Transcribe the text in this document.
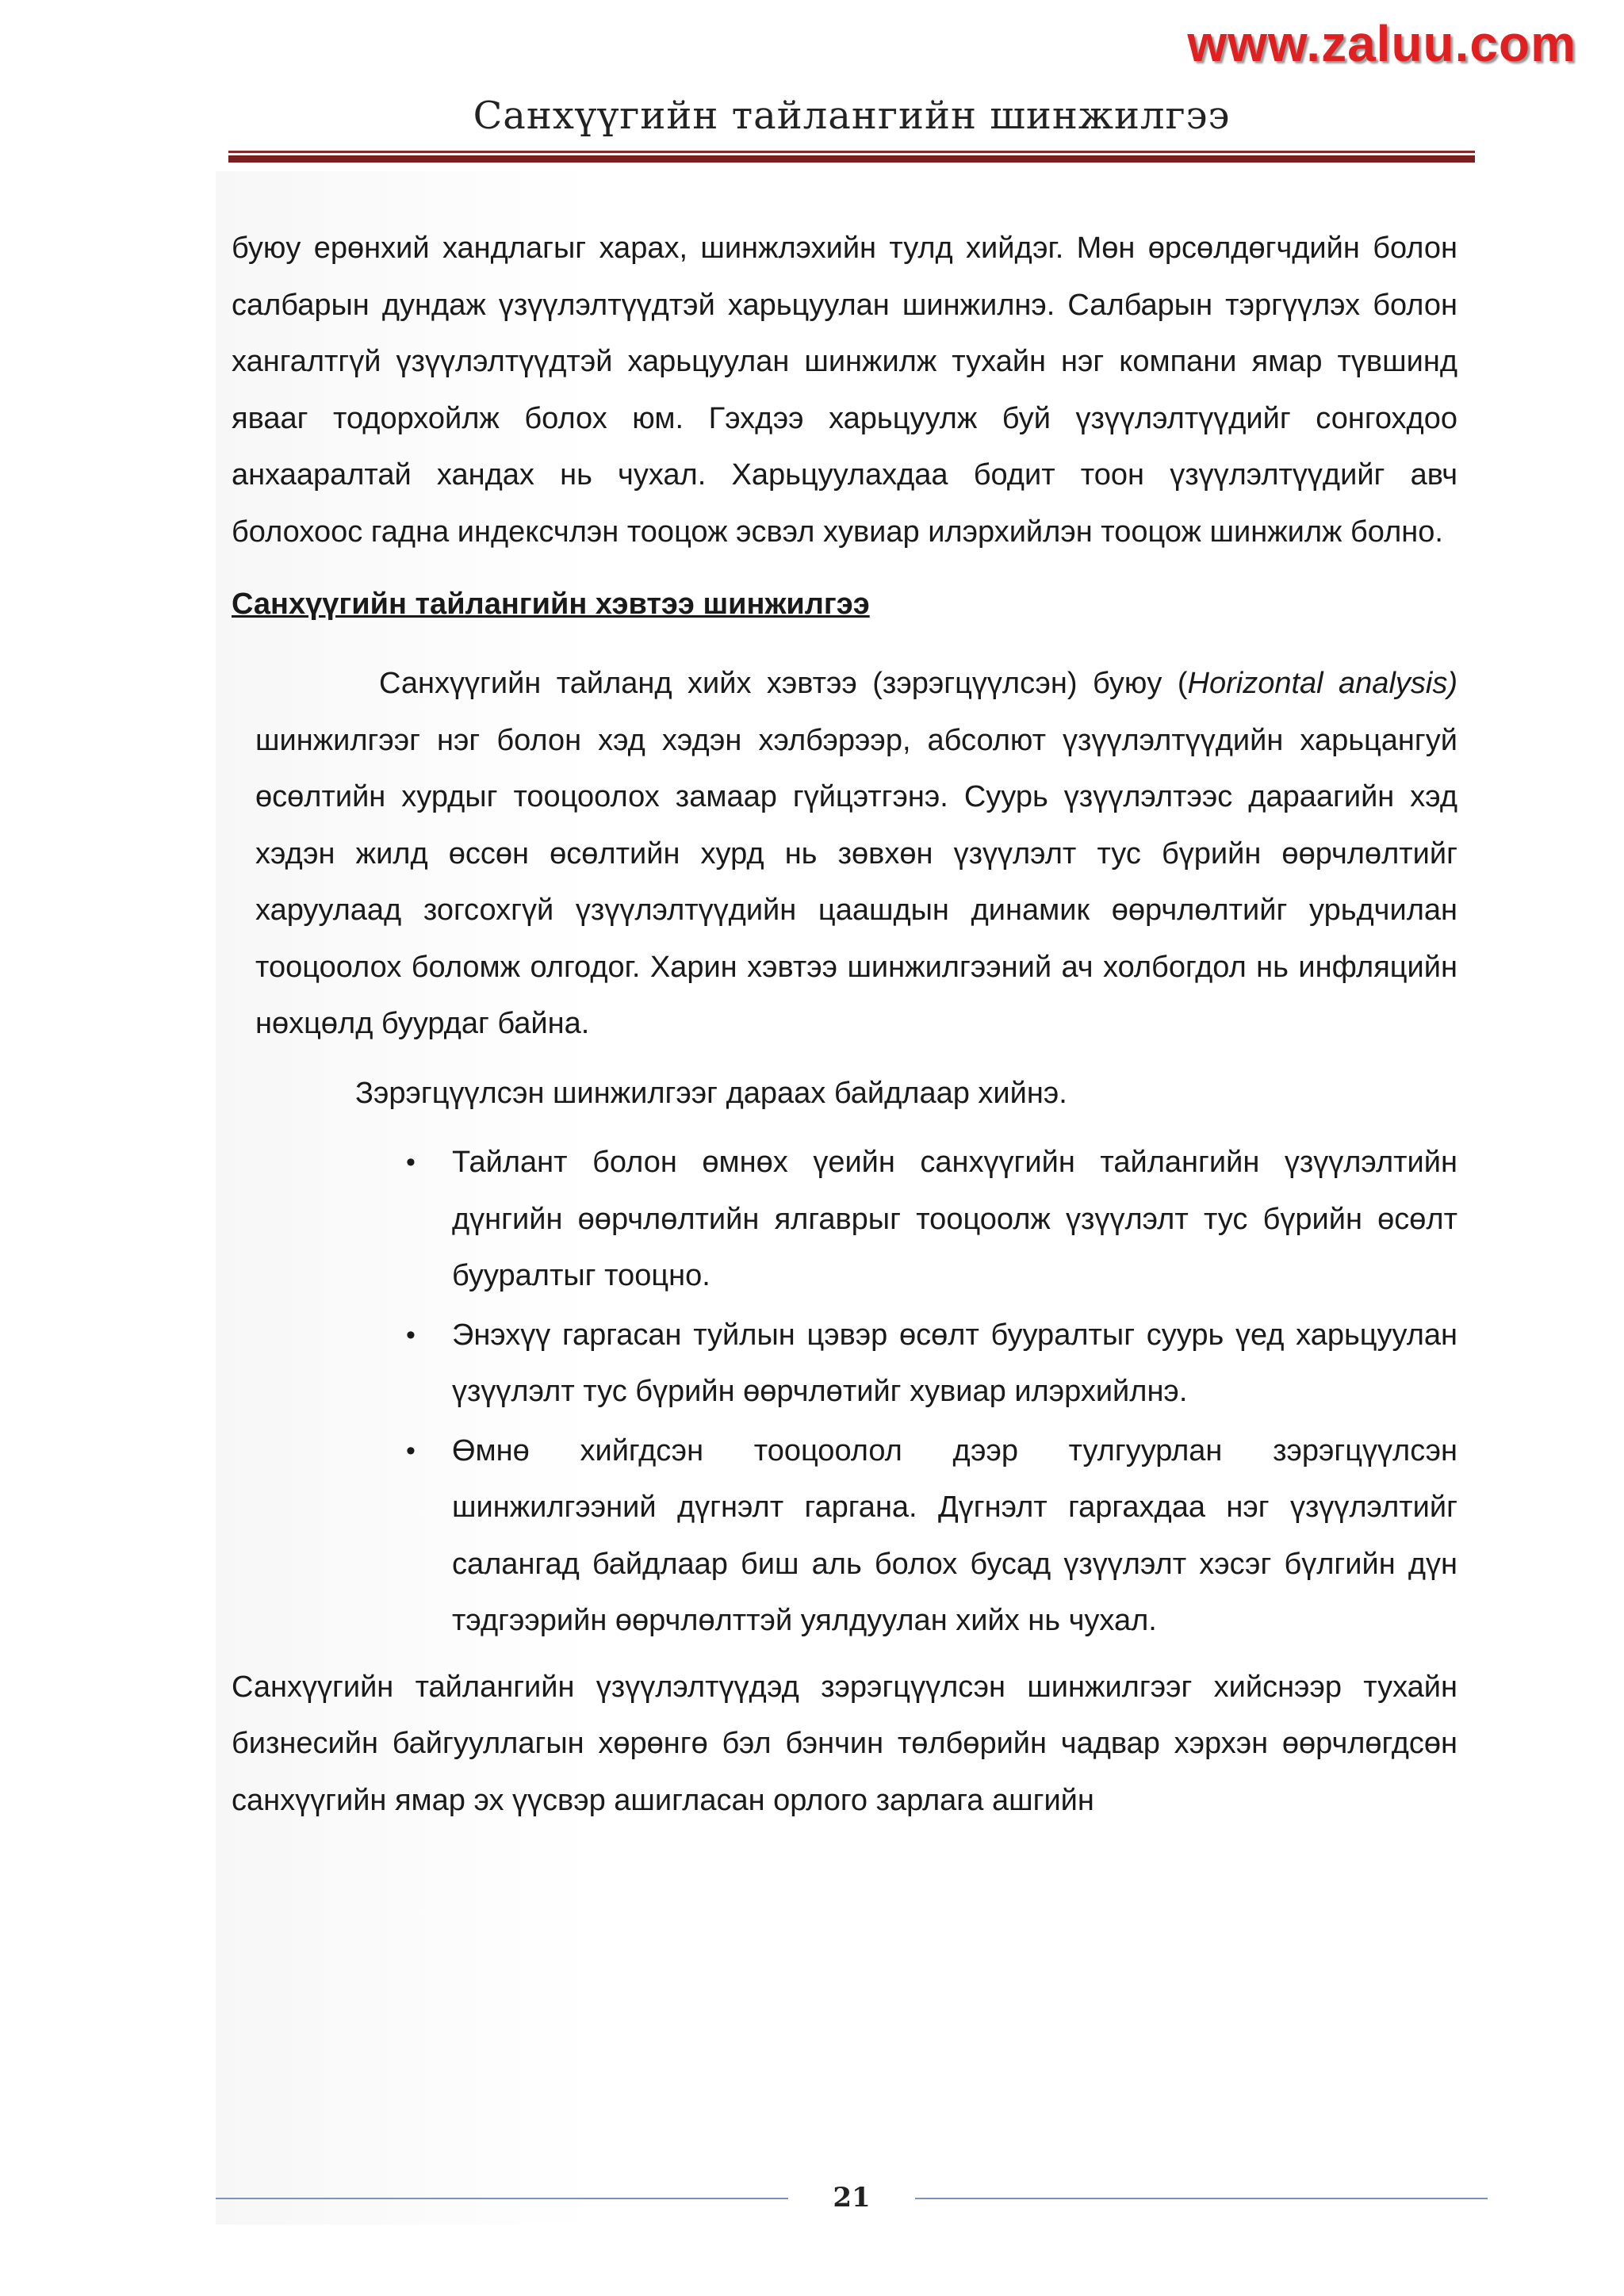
www.zaluu.com
Санхүүгийн тайлангийн шинжилгээ

буюу ерөнхий хандлагыг харах, шинжлэхийн тулд хийдэг. Мөн өрсөлдөгчдийн болон салбарын дундаж үзүүлэлтүүдтэй харьцуулан шинжилнэ. Салбарын тэргүүлэх болон хангалтгүй үзүүлэлтүүдтэй харьцуулан шинжилж тухайн нэг компани ямар түвшинд явааг тодорхойлж болох юм. Гэхдээ харьцуулж буй үзүүлэлтүүдийг сонгохдоо анхааралтай хандах нь чухал. Харьцуулахдаа бодит тоон үзүүлэлтүүдийг авч болохоос гадна индексчлэн тооцож эсвэл хувиар илэрхийлэн тооцож шинжилж болно.

Санхүүгийн тайлангийн хэвтээ шинжилгээ

Санхүүгийн тайланд хийх хэвтээ (зэрэгцүүлсэн) буюу (Horizontal analysis) шинжилгээг нэг болон хэд хэдэн хэлбэрээр, абсолют үзүүлэлтүүдийн харьцангуй өсөлтийн хурдыг тооцоолох замаар гүйцэтгэнэ. Суурь үзүүлэлтээс дараагийн хэд хэдэн жилд өссөн өсөлтийн хурд нь зөвхөн үзүүлэлт тус бүрийн өөрчлөлтийг харуулаад зогсохгүй үзүүлэлтүүдийн цаашдын динамик өөрчлөлтийг урьдчилан тооцоолох боломж олгодог. Харин хэвтээ шинжилгээний ач холбогдол нь инфляцийн нөхцөлд буурдаг байна.

Зэрэгцүүлсэн шинжилгээг дараах байдлаар хийнэ.

• Тайлант болон өмнөх үеийн санхүүгийн тайлангийн үзүүлэлтийн дүнгийн өөрчлөлтийн ялгаврыг тооцоолж үзүүлэлт тус бүрийн өсөлт бууралтыг тооцно.
• Энэхүү гаргасан туйлын цэвэр өсөлт бууралтыг суурь үед харьцуулан үзүүлэлт тус бүрийн өөрчлөтийг хувиар илэрхийлнэ.
• Өмнө хийгдсэн тооцоолол дээр тулгуурлан зэрэгцүүлсэн шинжилгээний дүгнэлт гаргана. Дүгнэлт гаргахдаа нэг үзүүлэлтийг салангад байдлаар биш аль болох бусад үзүүлэлт хэсэг бүлгийн дүн тэдгээрийн өөрчлөлттэй уялдуулан хийх нь чухал.

Санхүүгийн тайлангийн үзүүлэлтүүдэд зэрэгцүүлсэн шинжилгээг хийснээр тухайн бизнесийн байгууллагын хөрөнгө бэл бэнчин төлбөрийн чадвар хэрхэн өөрчлөгдсөн санхүүгийн ямар эх үүсвэр ашигласан орлого зарлага ашгийн

21
